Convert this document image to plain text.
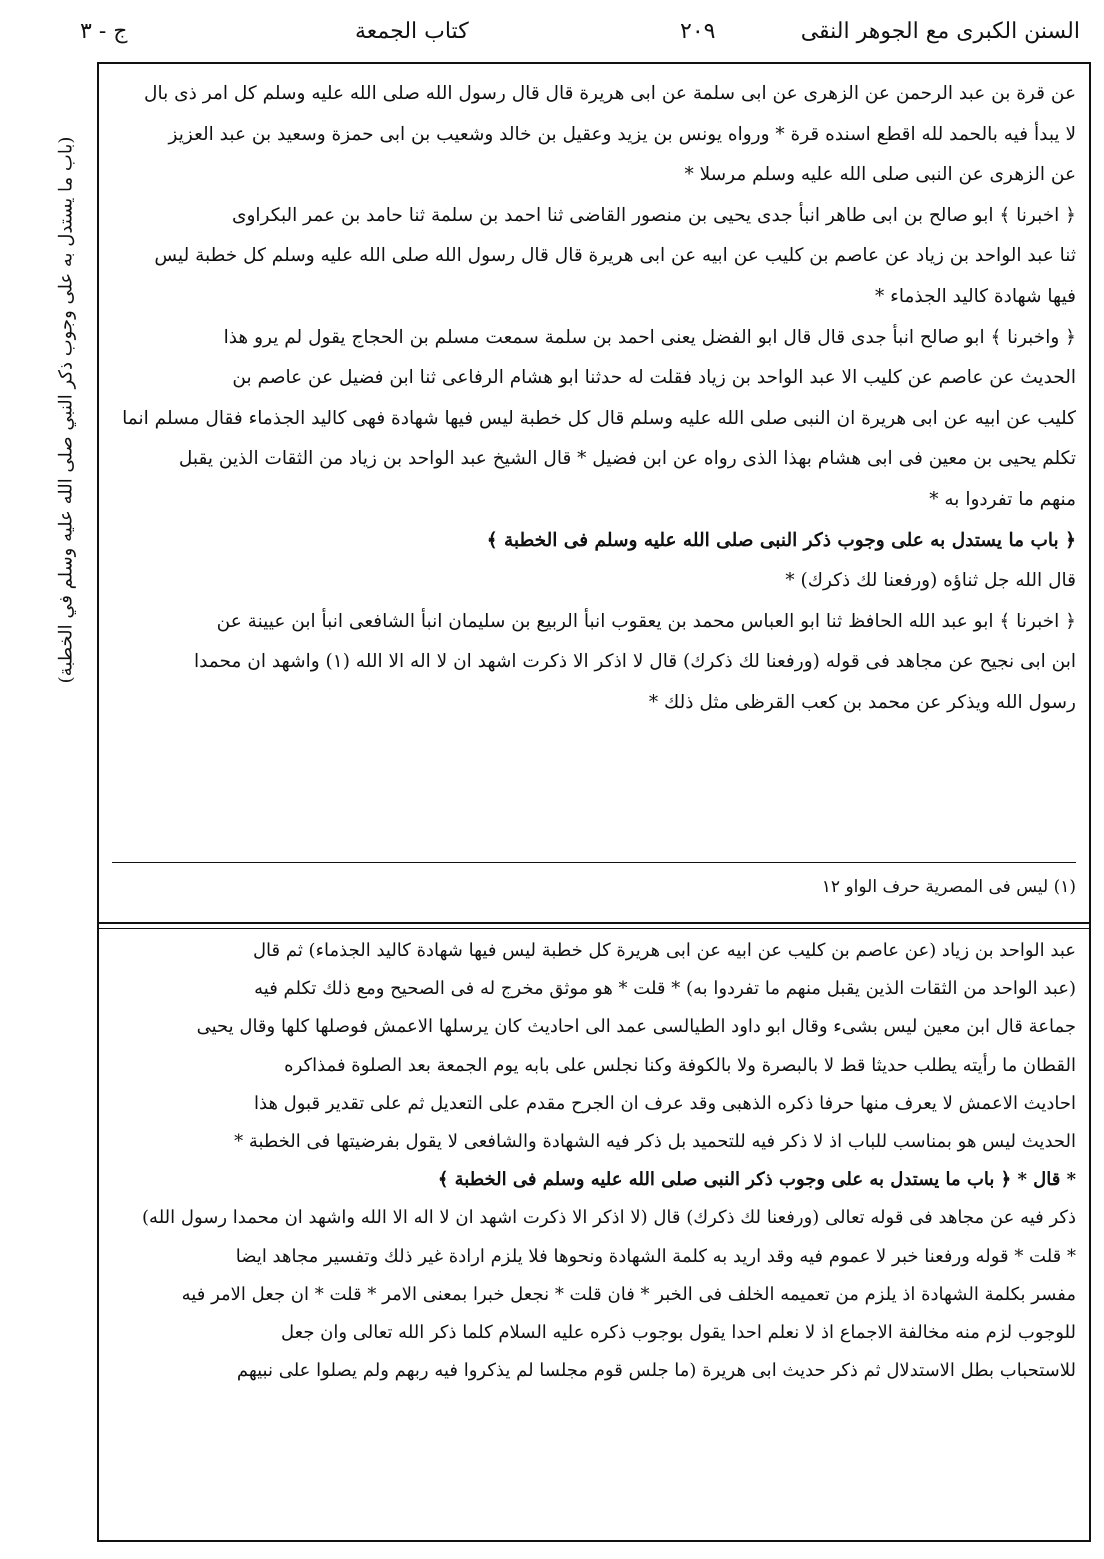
السنن الكبرى مع الجوهر النقى
٢٠٩
كتاب الجمعة
ج - ٣
(باب ما يستدل به على وجوب ذكر النبي صلى الله عليه وسلم في الخطبة)
عن قرة بن عبد الرحمن عن الزهرى عن ابى سلمة عن ابى هريرة قال قال رسول الله صلى الله عليه وسلم كل امر ذى بال
لا يبدأ فيه بالحمد لله اقطع اسنده قرة * ورواه يونس بن يزيد وعقيل بن خالد وشعيب بن ابى حمزة وسعيد بن عبد العزيز
عن الزهرى عن النبى صلى الله عليه وسلم مرسلا *
﴿ اخبرنا ﴾ ابو صالح بن ابى طاهر انبأ جدى يحيى بن منصور القاضى ثنا احمد بن سلمة ثنا حامد بن عمر البكراوى
ثنا عبد الواحد بن زياد عن عاصم بن كليب عن ابيه عن ابى هريرة قال قال رسول الله صلى الله عليه وسلم كل خطبة ليس
فيها شهادة كاليد الجذماء *
﴿ واخبرنا ﴾ ابو صالح انبأ جدى قال قال ابو الفضل يعنى احمد بن سلمة سمعت مسلم بن الحجاج يقول لم يرو هذا
الحديث عن عاصم عن كليب الا عبد الواحد بن زياد فقلت له حدثنا ابو هشام الرفاعى ثنا ابن فضيل عن عاصم بن
كليب عن ابيه عن ابى هريرة ان النبى صلى الله عليه وسلم قال كل خطبة ليس فيها شهادة فهى كاليد الجذماء فقال مسلم انما
تكلم يحيى بن معين فى ابى هشام بهذا الذى رواه عن ابن فضيل * قال الشيخ عبد الواحد بن زياد من الثقات الذين يقبل
منهم ما تفردوا به *
﴿ باب ما يستدل به على وجوب ذكر النبى صلى الله عليه وسلم فى الخطبة ﴾
قال الله جل ثناؤه (ورفعنا لك ذكرك) *
﴿ اخبرنا ﴾ ابو عبد الله الحافظ ثنا ابو العباس محمد بن يعقوب انبأ الربيع بن سليمان انبأ الشافعى انبأ ابن عيينة عن
ابن ابى نجيح عن مجاهد فى قوله (ورفعنا لك ذكرك) قال لا اذكر الا ذكرت اشهد ان لا اله الا الله (١) واشهد ان محمدا
رسول الله ويذكر عن محمد بن كعب القرظى مثل ذلك *
(١) ليس فى المصرية حرف الواو ١٢
عبد الواحد بن زياد (عن عاصم بن كليب عن ابيه عن ابى هريرة كل خطبة ليس فيها شهادة كاليد الجذماء) ثم قال
(عبد الواحد من الثقات الذين يقبل منهم ما تفردوا به) * قلت * هو موثق مخرج له فى الصحيح ومع ذلك تكلم فيه
جماعة قال ابن معين ليس بشىء وقال ابو داود الطيالسى عمد الى احاديث كان يرسلها الاعمش فوصلها كلها وقال يحيى
القطان ما رأيته يطلب حديثا قط لا بالبصرة ولا بالكوفة وكنا نجلس على بابه يوم الجمعة بعد الصلوة فمذاكره
احاديث الاعمش لا يعرف منها حرفا ذكره الذهبى وقد عرف ان الجرح مقدم على التعديل ثم على تقدير قبول هذا
الحديث ليس هو بمناسب للباب اذ لا ذكر فيه للتحميد بل ذكر فيه الشهادة والشافعى لا يقول بفرضيتها فى الخطبة *
* قال * ﴿ باب ما يستدل به على وجوب ذكر النبى صلى الله عليه وسلم فى الخطبة ﴾
ذكر فيه عن مجاهد فى قوله تعالى (ورفعنا لك ذكرك) قال (لا اذكر الا ذكرت اشهد ان لا اله الا الله واشهد ان محمدا رسول الله)
* قلت * قوله ورفعنا خبر لا عموم فيه وقد اريد به كلمة الشهادة ونحوها فلا يلزم ارادة غير ذلك وتفسير مجاهد ايضا
مفسر بكلمة الشهادة اذ يلزم من تعميمه الخلف فى الخبر * فان قلت * نجعل خبرا بمعنى الامر * قلت * ان جعل الامر فيه
للوجوب لزم منه مخالفة الاجماع اذ لا نعلم احدا يقول بوجوب ذكره عليه السلام كلما ذكر الله تعالى وان جعل
للاستحباب بطل الاستدلال ثم ذكر حديث ابى هريرة (ما جلس قوم مجلسا لم يذكروا فيه ربهم ولم يصلوا على نبيهم
